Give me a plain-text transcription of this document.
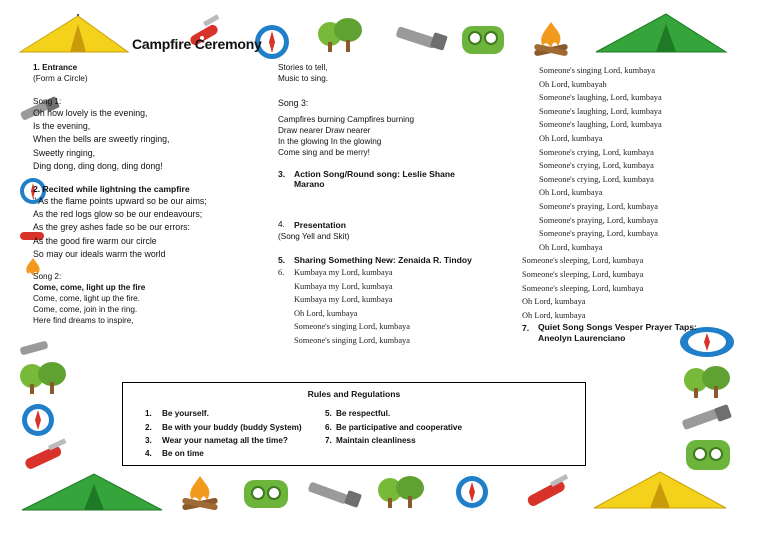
Campfire Ceremony
1. Entrance
(Form a Circle)
Song 1:
Oh how lovely is the evening,
Is the evening,
When the bells are sweetly ringing,
Sweetly ringing,
Ding dong, ding dong, ding dong!
2. Recited while lightning the campfire
" As the flame points upward so be our aims;
As the red logs glow so be our endeavours;
As the grey ashes fade so be our errors:
As the good fire warm our circle
So may our ideals warm the world
Song 2:
Come, come, light up the fire
Come, come, light up the fire.
Come, come, join in the ring.
Here find dreams to inspire,
Stories to tell,
Music to sing.
Song 3:
Campfires burning Campfires burning
Draw nearer Draw nearer
In the glowing In the glowing
Come sing and be merry!
3.	Action Song/Round song: Leslie Shane
Marano
4.	Presentation
(Song Yell and Skit)
5.	Sharing Something New: Zenaida R. Tindoy
6.	Kumbaya my Lord, kumbaya
Kumbaya my Lord, kumbaya
Kumbaya my Lord, kumbaya
Oh Lord, kumbaya
Someone's singing Lord, kumbaya
Someone's singing Lord, kumbaya
Someone's singing Lord, kumbaya
Oh Lord, kumbayah
Someone's laughing, Lord, kumbaya
Someone's laughing, Lord, kumbaya
Someone's laughing, Lord, kumbaya
Oh Lord, kumbaya
Someone's crying, Lord, kumbaya
Someone's crying, Lord, kumbaya
Someone's crying, Lord, kumbaya
Oh Lord, kumbaya
Someone's praying, Lord, kumbaya
Someone's praying, Lord, kumbaya
Someone's praying, Lord, kumbaya
Oh Lord, kumbaya
Someone's sleeping, Lord, kumbaya
Someone's sleeping, Lord, kumbaya
Someone's sleeping, Lord, kumbaya
Oh Lord, kumbaya
Oh Lord, kumbaya
7.	Quiet Song Songs Vesper Prayer Taps:
Aneolyn Laurenciano
Rules and Regulations
1. Be yourself.
2. Be with your buddy (buddy System)
3. Wear your nametag all the time?
4. Be on time
5. Be respectful.
6. Be participative and cooperative
7. Maintain cleanliness
